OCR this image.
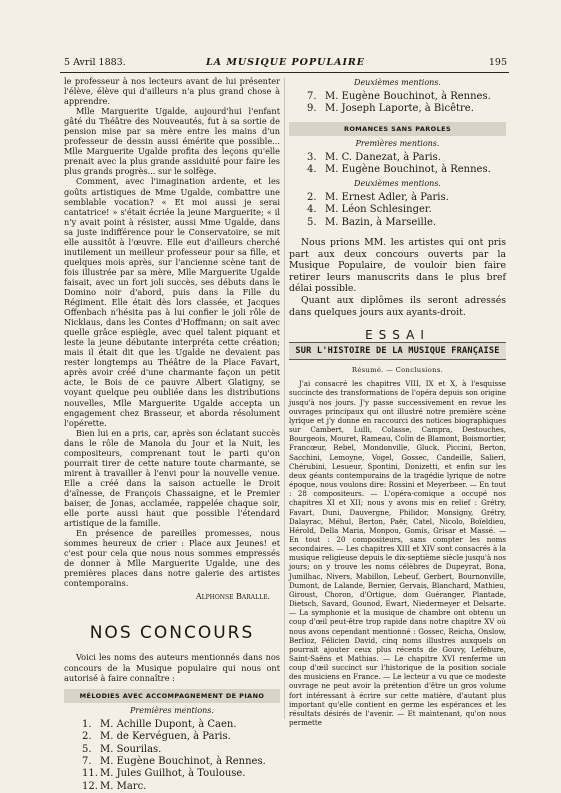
5 Avril 1883.	LA MUSIQUE POPULAIRE	195

le professeur à nos lecteurs avant de lui présenter l'élève, élève qui d'ailleurs n'a plus grand chose à apprendre.

Mlle Marguerite Ugalde, aujourd'hui l'enfant gâté du Théâtre des Nouveautés, fut à sa sortie de pension mise par sa mère entre les mains d'un professeur de dessin aussi émérite que possible... Mlle Marguerite Ugalde profita des leçons qu'elle prenait avec la plus grande assiduité pour faire les plus grands progrès... sur le solfège.

Comment, avec l'imagination ardente, et les goûts artistiques de Mme Ugalde, combattre une semblable vocation? « Et moi aussi je serai cantatrice! » s'était écriée la jeune Marguerite; « il n'y avait point à résister, aussi Mme Ugalde, dans sa juste indifférence pour le Conservatoire, se mit elle aussitôt à l'œuvre. Elle eut d'ailleurs cherché inutilement un meilleur professeur pour sa fille, et quelques mois après, sur l'ancienne scène tant de fois illustrée par sa mère, Mlle Marguerite Ugalde faisait, avec un fort joli succès, ses débuts dans le Domino noir d'abord, puis dans la Fille du Régiment. Elle était dès lors classée, et Jacques Offenbach n'hésita pas à lui confier le joli rôle de Nicklaus, dans les Contes d'Hoffmann; on sait avec quelle grâce espiègle, avec quel talent piquant et leste la jeune débutante interpréta cette création; mais il était dit que les Ugalde ne devaient pas rester longtemps au Théâtre de la Place Favart, après avoir créé d'une charmante façon un petit acte, le Bois de ce pauvre Albert Glatigny, se voyant quelque peu oubliée dans les distributions nouvelles, Mlle Marguerite Ugalde accepta un engagement chez Brasseur, et aborda résolument l'opérette.

Bien lui en a pris, car, après son éclatant succès dans le rôle de Manola du Jour et la Nuit, les compositeurs, comprenant tout le parti qu'on pourrait tirer de cette nature toute charmante, se mirent à travailler à l'envi pour la nouvelle venue. Elle a créé dans la saison actuelle le Droit d'aînesse, de François Chassaigne, et le Premier baiser, de Jonas, acclamée, rappelée chaque soir, elle porte aussi haut que possible l'étendard artistique de la famille.

En présence de pareilles promesses, nous sommes heureux de crier : Place aux Jeunes! et c'est pour cela que nous nous sommes empressés de donner à Mlle Marguerite Ugalde, une des premières places dans notre galerie des artistes contemporains.

Alphonse Baralle.

NOS CONCOURS

Voici les noms des auteurs mentionnés dans nos concours de la Musique populaire qui nous ont autorisé à faire connaître :

MÉLODIES AVEC ACCOMPAGNEMENT DE PIANO
Premières mentions.
1. M. Achille Dupont, à Caen.
2. M. de Kervéguen, à Paris.
5. M. Sourilas.
7. M. Eugène Bouchinot, à Rennes.
11. M. Jules Guilhot, à Toulouse.
12. M. Marc.
Deuxièmes mentions.
7. M. Eugène Bouchinot, à Rennes.
9. M. Joseph Laporte, à Bicêtre.
ROMANCES SANS PAROLES
Premières mentions.
3. M. C. Danezat, à Paris.
4. M. Eugène Bouchinot, à Rennes.
Deuxièmes mentions.
2. M. Ernest Adler, à Paris.
4. M. Léon Schlesinger.
5. M. Bazin, à Marseille.

Nous prions MM. les artistes qui ont pris part aux deux concours ouverts par la Musique Populaire, de vouloir bien faire retirer leurs manuscrits dans le plus bref délai possible.

Quant aux diplômes ils seront adressés dans quelques jours aux ayants-droit.

ESSAI
SUR L'HISTOIRE DE LA MUSIQUE FRANÇAISE
Résumé. — Conclusions.

J'ai consacré les chapitres VIII, IX et X, à l'esquisse succincte des transformations de l'opéra depuis son origine jusqu'à nos jours. J'y passe successivement en revue les ouvrages principaux qui ont illustré notre première scène lyrique et j'y donne en raccourci des notices biographiques sur Cambert, Lulli, Colasse, Campra, Destouches, Bourgeois, Mouret, Rameau, Colin de Blamont, Boismortier, Francœur, Rebel, Mondonville, Gluck, Piccini, Berton, Sacchini, Lemoyne, Vogel, Gossec, Candeille, Salieri, Chérubini, Lesueur, Spontini, Donizetti, et enfin sur les deux géants contemporains de la tragédie lyrique de notre époque, nous voulons dire: Rossini et Meyerbeer. — En tout : 28 compositeurs. — L'opéra-comique a occupé nos chapitres XI et XII; nous y avons mis en relief : Grétry, Favart, Duni, Dauvergne, Philidor, Monsigny, Grétry, Dalayrac, Méhul, Berton, Paër, Catel, Nicolo, Boïeldieu, Hérold, Della Maria, Monpou, Gomis, Grisar et Massé. — En tout : 20 compositeurs, sans compter les noms secondaires. — Les chapitres XIII et XIV sont consacrés à la musique religieuse depuis le dix-septième siècle jusqu'à nos jours; on y trouve les noms célèbres de Dupeyrat, Bona, Jumilhac, Nivers, Mabillon, Lebeuf, Gerbert, Bournonville, Dumont, de Lalande, Bernier, Gervais, Blanchard, Mathieu, Giroust, Choron, d'Ortigue, dom Guéranger, Plantade, Dietsch, Savard, Gounod, Ewart, Niedermeyer et Delsarte. — La symphonie et la musique de chambre ont obtenu un coup d'œil peut-être trop rapide dans notre chapitre XV où nous avons cependant mentionné : Gossec, Reicha, Onslow, Berlioz, Félicien David, cinq noms illustres auxquels on pourrait ajouter ceux plus récents de Gouvy, Lefébure, Saint-Saëns et Mathias. — Le chapitre XVI renferme un coup d'œil succinct sur l'historique de la position sociale des musiciens en France. — Le lecteur a vu que ce modeste ouvrage ne peut avoir la prétention d'être un gros volume fort intéressant à écrire sur cette matière, d'autant plus important qu'elle contient en germe les espérances et les résultats désirés de l'avenir. — Et maintenant, qu'on nous permette
